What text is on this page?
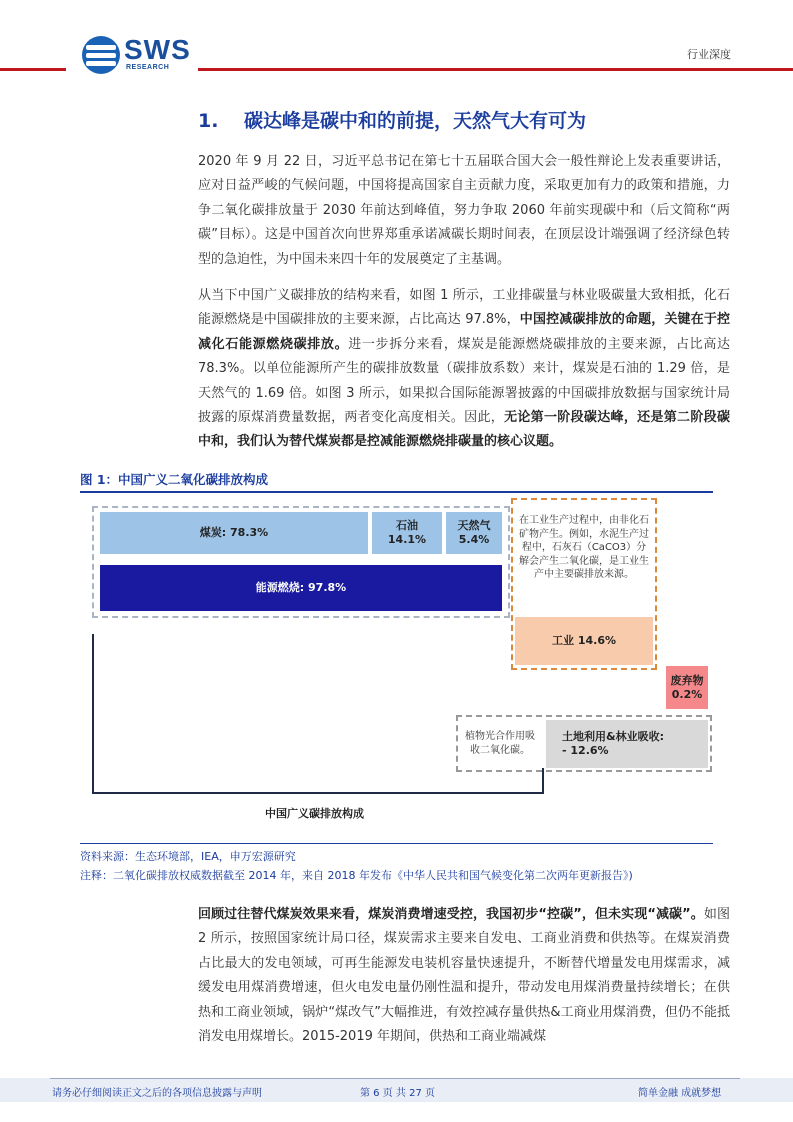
SWS
RESEARCH
行业深度
1. 碳达峰是碳中和的前提，天然气大有可为
2020 年 9 月 22 日，习近平总书记在第七十五届联合国大会一般性辩论上发表重要讲话，应对日益严峻的气候问题，中国将提高国家自主贡献力度，采取更加有力的政策和措施，力争二氧化碳排放量于 2030 年前达到峰值，努力争取 2060 年前实现碳中和（后文简称“两碳”目标）。这是中国首次向世界郑重承诺减碳长期时间表，在顶层设计端强调了经济绿色转型的急迫性，为中国未来四十年的发展奠定了主基调。
从当下中国广义碳排放的结构来看，如图 1 所示，工业排碳量与林业吸碳量大致相抵，化石能源燃烧是中国碳排放的主要来源，占比高达 97.8%，中国控减碳排放的命题，关键在于控减化石能源燃烧碳排放。进一步拆分来看，煤炭是能源燃烧碳排放的主要来源，占比高达 78.3%。以单位能源所产生的碳排放数量（碳排放系数）来计，煤炭是石油的 1.29 倍，是天然气的 1.69 倍。如图 3 所示，如果拟合国际能源署披露的中国碳排放数据与国家统计局披露的原煤消费量数据，两者变化高度相关。因此，无论第一阶段碳达峰，还是第二阶段碳中和，我们认为替代煤炭都是控减能源燃烧排碳量的核心议题。
图 1：中国广义二氧化碳排放构成
煤炭: 78.3%
石油
14.1%
天然气
5.4%
能源燃烧: 97.8%
在工业生产过程中，由非化石矿物产生。例如，水泥生产过程中，石灰石（CaCO3）分解会产生二氧化碳，是工业生产中主要碳排放来源。
工业 14.6%
废弃物
0.2%
植物光合作用吸收二氧化碳。
土地利用&林业吸收:
- 12.6%
中国广义碳排放构成
资料来源：生态环境部，IEA，申万宏源研究
注释：二氧化碳排放权威数据截至 2014 年，来自 2018 年发布《中华人民共和国气候变化第二次两年更新报告》)
回顾过往替代煤炭效果来看，煤炭消费增速受控，我国初步“控碳”，但未实现“减碳”。如图 2 所示，按照国家统计局口径，煤炭需求主要来自发电、工商业消费和供热等。在煤炭消费占比最大的发电领域，可再生能源发电装机容量快速提升，不断替代增量发电用煤需求，减缓发电用煤消费增速，但火电发电量仍刚性温和提升，带动发电用煤消费量持续增长；在供热和工商业领域，锅炉“煤改气”大幅推进，有效控减存量供热&工商业用煤消费，但仍不能抵消发电用煤增长。2015-2019 年期间，供热和工商业端减煤
请务必仔细阅读正文之后的各项信息披露与声明	第 6 页 共 27 页	简单金融 成就梦想
